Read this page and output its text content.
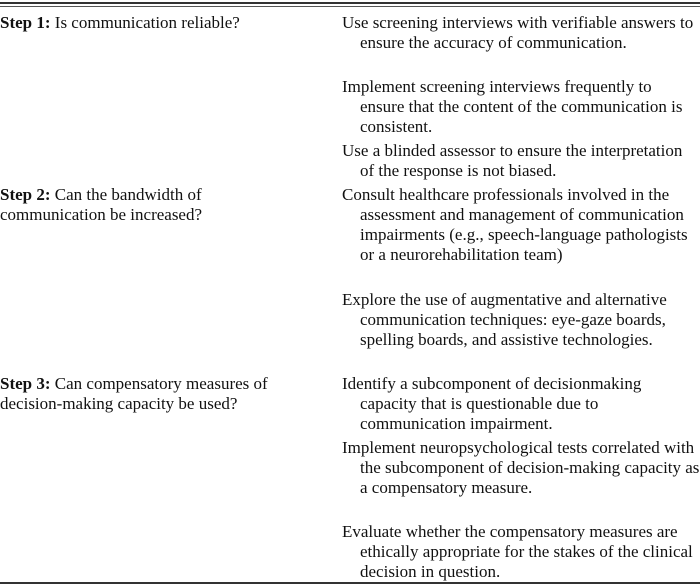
Step 1: Is communication reliable?	Use screening interviews with verifiable answers to ensure the accuracy of communication.
Implement screening interviews frequently to ensure that the content of the communication is consistent.
Use a blinded assessor to ensure the interpretation of the response is not biased.
Step 2: Can the bandwidth of communication be increased?
Consult healthcare professionals involved in the assessment and management of communication impairments (e.g., speech-language pathologists or a neurorehabilitation team)
Explore the use of augmentative and alternative communication techniques: eye-gaze boards, spelling boards, and assistive technologies.
Step 3: Can compensatory measures of decision-making capacity be used?
Identify a subcomponent of decisionmaking capacity that is questionable due to communication impairment.
Implement neuropsychological tests correlated with the subcomponent of decision-making capacity as a compensatory measure.
Evaluate whether the compensatory measures are ethically appropriate for the stakes of the clinical decision in question.
